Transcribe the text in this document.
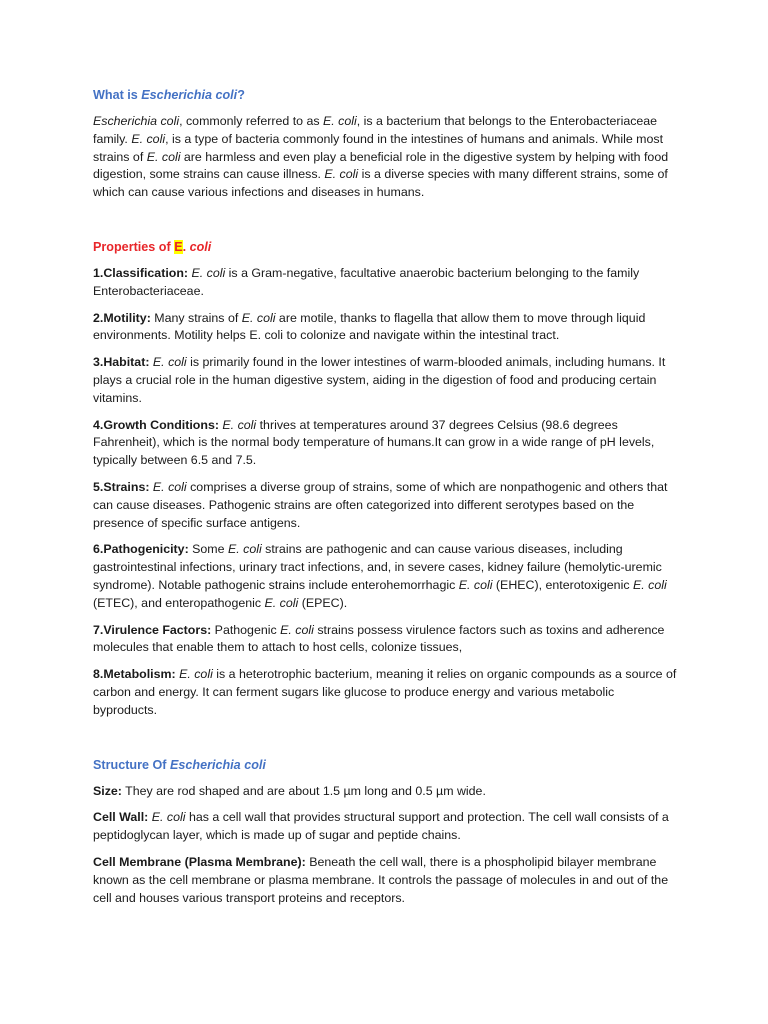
What is Escherichia coli?

Escherichia coli, commonly referred to as E. coli, is a bacterium that belongs to the Enterobacteriaceae family. E. coli, is a type of bacteria commonly found in the intestines of humans and animals. While most strains of E. coli are harmless and even play a beneficial role in the digestive system by helping with food digestion, some strains can cause illness. E. coli is a diverse species with many different strains, some of which can cause various infections and diseases in humans.

Properties of E. coli

1.Classification: E. coli is a Gram-negative, facultative anaerobic bacterium belonging to the family Enterobacteriaceae.

2.Motility: Many strains of E. coli are motile, thanks to flagella that allow them to move through liquid environments. Motility helps E. coli to colonize and navigate within the intestinal tract.

3.Habitat: E. coli is primarily found in the lower intestines of warm-blooded animals, including humans. It plays a crucial role in the human digestive system, aiding in the digestion of food and producing certain vitamins.

4.Growth Conditions: E. coli thrives at temperatures around 37 degrees Celsius (98.6 degrees Fahrenheit), which is the normal body temperature of humans.It can grow in a wide range of pH levels, typically between 6.5 and 7.5.

5.Strains: E. coli comprises a diverse group of strains, some of which are nonpathogenic and others that can cause diseases. Pathogenic strains are often categorized into different serotypes based on the presence of specific surface antigens.

6.Pathogenicity: Some E. coli strains are pathogenic and can cause various diseases, including gastrointestinal infections, urinary tract infections, and, in severe cases, kidney failure (hemolytic-uremic syndrome). Notable pathogenic strains include enterohemorrhagic E. coli (EHEC), enterotoxigenic E. coli (ETEC), and enteropathogenic E. coli (EPEC).

7.Virulence Factors: Pathogenic E. coli strains possess virulence factors such as toxins and adherence molecules that enable them to attach to host cells, colonize tissues,

8.Metabolism: E. coli is a heterotrophic bacterium, meaning it relies on organic compounds as a source of carbon and energy. It can ferment sugars like glucose to produce energy and various metabolic byproducts.

Structure Of Escherichia coli

Size: They are rod shaped and are about 1.5 µm long and 0.5 µm wide.

Cell Wall: E. coli has a cell wall that provides structural support and protection. The cell wall consists of a peptidoglycan layer, which is made up of sugar and peptide chains.

Cell Membrane (Plasma Membrane): Beneath the cell wall, there is a phospholipid bilayer membrane known as the cell membrane or plasma membrane. It controls the passage of molecules in and out of the cell and houses various transport proteins and receptors.
